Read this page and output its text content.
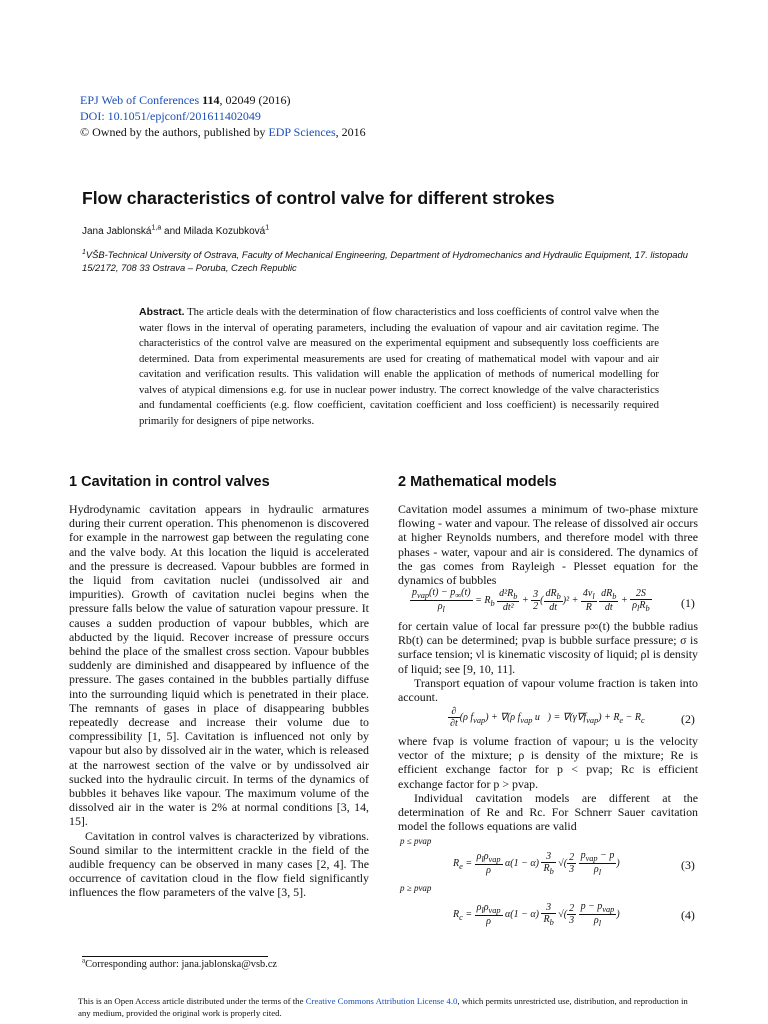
EPJ Web of Conferences 114, 02049 (2016)
DOI: 10.1051/epjconf/201611402049
© Owned by the authors, published by EDP Sciences, 2016
Flow characteristics of control valve for different strokes
Jana Jablonská$^{1,a}$ and Milada Kozubková$^1$
$^1$VŠB-Technical University of Ostrava, Faculty of Mechanical Engineering, Department of Hydromechanics and Hydraulic Equipment, 17. listopadu 15/2172, 708 33 Ostrava – Poruba, Czech Republic
Abstract. The article deals with the determination of flow characteristics and loss coefficients of control valve when the water flows in the interval of operating parameters, including the evaluation of vapour and air cavitation regime. The characteristics of the control valve are measured on the experimental equipment and subsequently loss coefficients are determined. Data from experimental measurements are used for creating of mathematical model with vapour and air cavitation and verification results. This validation will enable the application of methods of numerical modelling for valves of atypical dimensions e.g. for use in nuclear power industry. The correct knowledge of the valve characteristics and fundamental coefficients (e.g. flow coefficient, cavitation coefficient and loss coefficient) is necessarily required primarily for designers of pipe networks.
1 Cavitation in control valves

Hydrodynamic cavitation appears in hydraulic armatures during their current operation. This phenomenon is discovered for example in the narrowest gap between the regulating cone and the valve body. At this location the liquid is accelerated and the pressure is decreased. Vapour bubbles are formed in the liquid from cavitation nuclei (undissolved air and impurities). Growth of cavitation nuclei begins when the pressure falls below the value of saturation vapour pressure. It causes a sudden production of vapour bubbles, which are abducted by the liquid. Recover increase of pressure occurs behind the place of the smallest cross section. Vapour bubbles suddenly are diminished and disappeared by influence of the pressure. The gases contained in the bubbles partially diffuse into the surrounding liquid which is penetrated in their place. The remnants of gases in place of disappearing bubbles repeatedly decrease and increase their volume due to compressibility [1, 5]. Cavitation is influenced not only by vapour but also by dissolved air in the water, which is released at the narrowest section of the valve or by undissolved air sucked into the hydraulic circuit. In terms of the dynamics of bubbles it behaves like vapour. The maximum volume of the dissolved air in the water is 2% at normal conditions [3, 14, 15].

Cavitation in control valves is characterized by vibrations. Sound similar to the intermittent crackle in the field of the audible frequency can be observed in many cases [2, 4]. The occurrence of cavitation cloud in the flow field significantly influences the flow parameters of the valve [3, 5].

2 Mathematical models

Cavitation model assumes a minimum of two-phase mixture flowing - water and vapour. The release of dissolved air occurs at higher Reynolds numbers, and therefore model with three phases - water, vapour and air is considered. The dynamics of the gas comes from Rayleigh - Plesset equation for the dynamics of bubbles

$\frac{p_{vap}(t) - p_\infty(t)}{\rho_l} = R_b \frac{d^2R_b}{\text{dt²}} + \frac{3}{2}$ ( $\frac{dR_b}{dt} )^2 + \frac{4\nu_l}{R}$
$\frac{dR_b}{dt} + \frac{2S}{\rho_lR_b} (1)$

for certain value of local far pressure p∞(t) the bubble radius Rb(t) can be determined; pvap is bubble surface pressure; σ is surface tension; νl is kinematic viscosity of liquid; ρl is density of liquid; see [9, 10, 11].

Transport equation of vapour volume fraction is taken into account.

$\frac{\partial}{\partial t} (\rho$ $f_{vap}) + \nabla(\rho$ $f_{vap}$ u⃗) = $\nabla(\gamma\nabla f_{vap}) + R_e - R_c$	(2)

where fvap is volume fraction of vapour; u is the velocity vector of the mixture; ρ is density of the mixture; Re is efficient exchange factor for p < pvap; Rc is efficient exchange factor for p > pvap.

Individual cavitation models are different at the determination of Re and Rc. For Schnerr Sauer cavitation model the follows equations are valid

p ≤ pvap
$R_e = \frac{\rho_l\rho_{vap}}{\rho} \alpha(1 - \alpha) \frac{3}{R_b}$ √( $\frac{2}{3}$
$\frac{p_{vap} - p}{\rho_l}$ )	(3)
p ≥ pvap
$R_c = \frac{\rho_l\rho_{vap}}{\rho} \alpha(1 - \alpha) \frac{3}{R_b}$ √( $\frac{2}{3}$
$\frac{p - p_{vap}}{\rho_l}$ )	(4)
$^a$Corresponding author: jana.jablonska@vsb.cz
This is an Open Access article distributed under the terms of the Creative Commons Attribution License 4.0, which permits unrestricted use, distribution, and reproduction in any medium, provided the original work is properly cited.
